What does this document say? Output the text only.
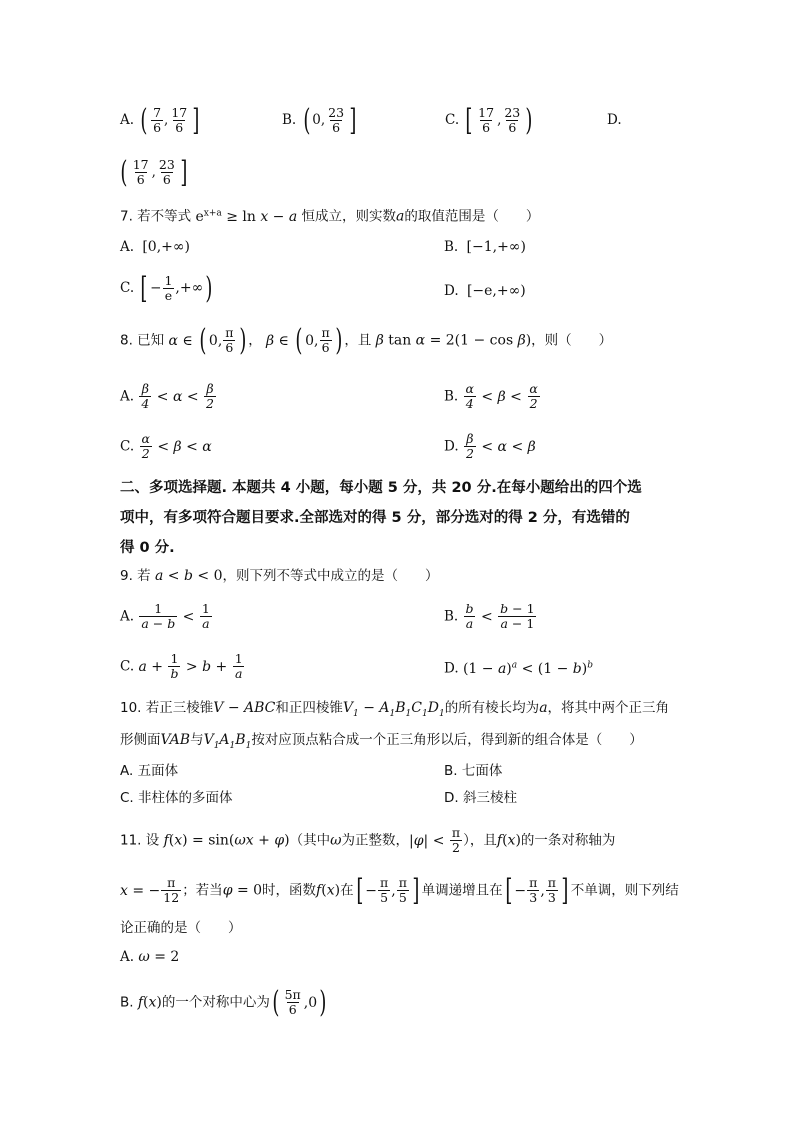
A. ( $\frac{7}{6}$ , $\frac{17}{6}$ ]	B. ( 0, $\frac{23}{6}$ ]	C. [ $\frac{17}{6}$ , $\frac{23}{6}$ )	D.
( $\frac{17}{6}$ , $\frac{23}{6}$ ]
7. 若不等式 $e^{x+a} \ge \ln x - a$ 恒成立，则实数a的取值范围是（　　）
A. [0,+∞)	B. [−1,+∞)
C. [ − $\frac{1}{e}$ ,+∞)	D. [−e,+∞)
8. 已知 α ∈ ( 0, $\frac{\pi}{6}$ ) ， β ∈ ( 0, $\frac{\pi}{6}$ ) ，且 β tan α = 2(1 − cos β)，则（　　）
A. $\frac{\beta}{4} < \alpha < \frac{\beta}{2}$	B. $\frac{\alpha}{4} < \beta < \frac{\alpha}{2}$
C. $\frac{\alpha}{2} < \beta < \alpha$	D. $\frac{\beta}{2} < \alpha < \beta$
二、多项选择题. 本题共 4 小题，每小题 5 分，共 20 分.在每小题给出的四个选
项中，有多项符合题目要求.全部选对的得 5 分，部分选对的得 2 分，有选错的
得 0 分.
9. 若 a < b < 0，则下列不等式中成立的是（　　）
A. $\frac{1}{a - b} < \frac{1}{a}$	B. $\frac{b}{a} < \frac{b - 1}{a - 1}$
C. $a + \frac{1}{b} > b + \frac{1}{a}$	D. $(1 - a)^a < (1 - b)^b$
10. 若正三棱锥V − ABC和正四棱锥$V_1 - A_1B_1C_1D_1$的所有棱长均为a，将其中两个正三角
形侧面VAB与$V_1A_1B_1$按对应顶点粘合成一个正三角形以后，得到新的组合体是（　　）
A. 五面体	B. 七面体
C. 非柱体的多面体	D. 斜三棱柱
11. 设 f(x) = sin(ωx + φ)（其中ω为正整数，$|\varphi| < \frac{\pi}{2}$ ），且f(x)的一条对称轴为
x = − $\frac{\pi}{12}$ ；若当φ = 0时，函数f(x)在[ − $\frac{\pi}{5}$ , $\frac{\pi}{5}$ ] 单调递增且在[ − $\frac{\pi}{3}$ , $\frac{\pi}{3}$ ] 不单调，则下列结
论正确的是（　　）
A. ω = 2
B. f(x)的一个对称中心为( $\frac{5\pi}{6} ,0$)
